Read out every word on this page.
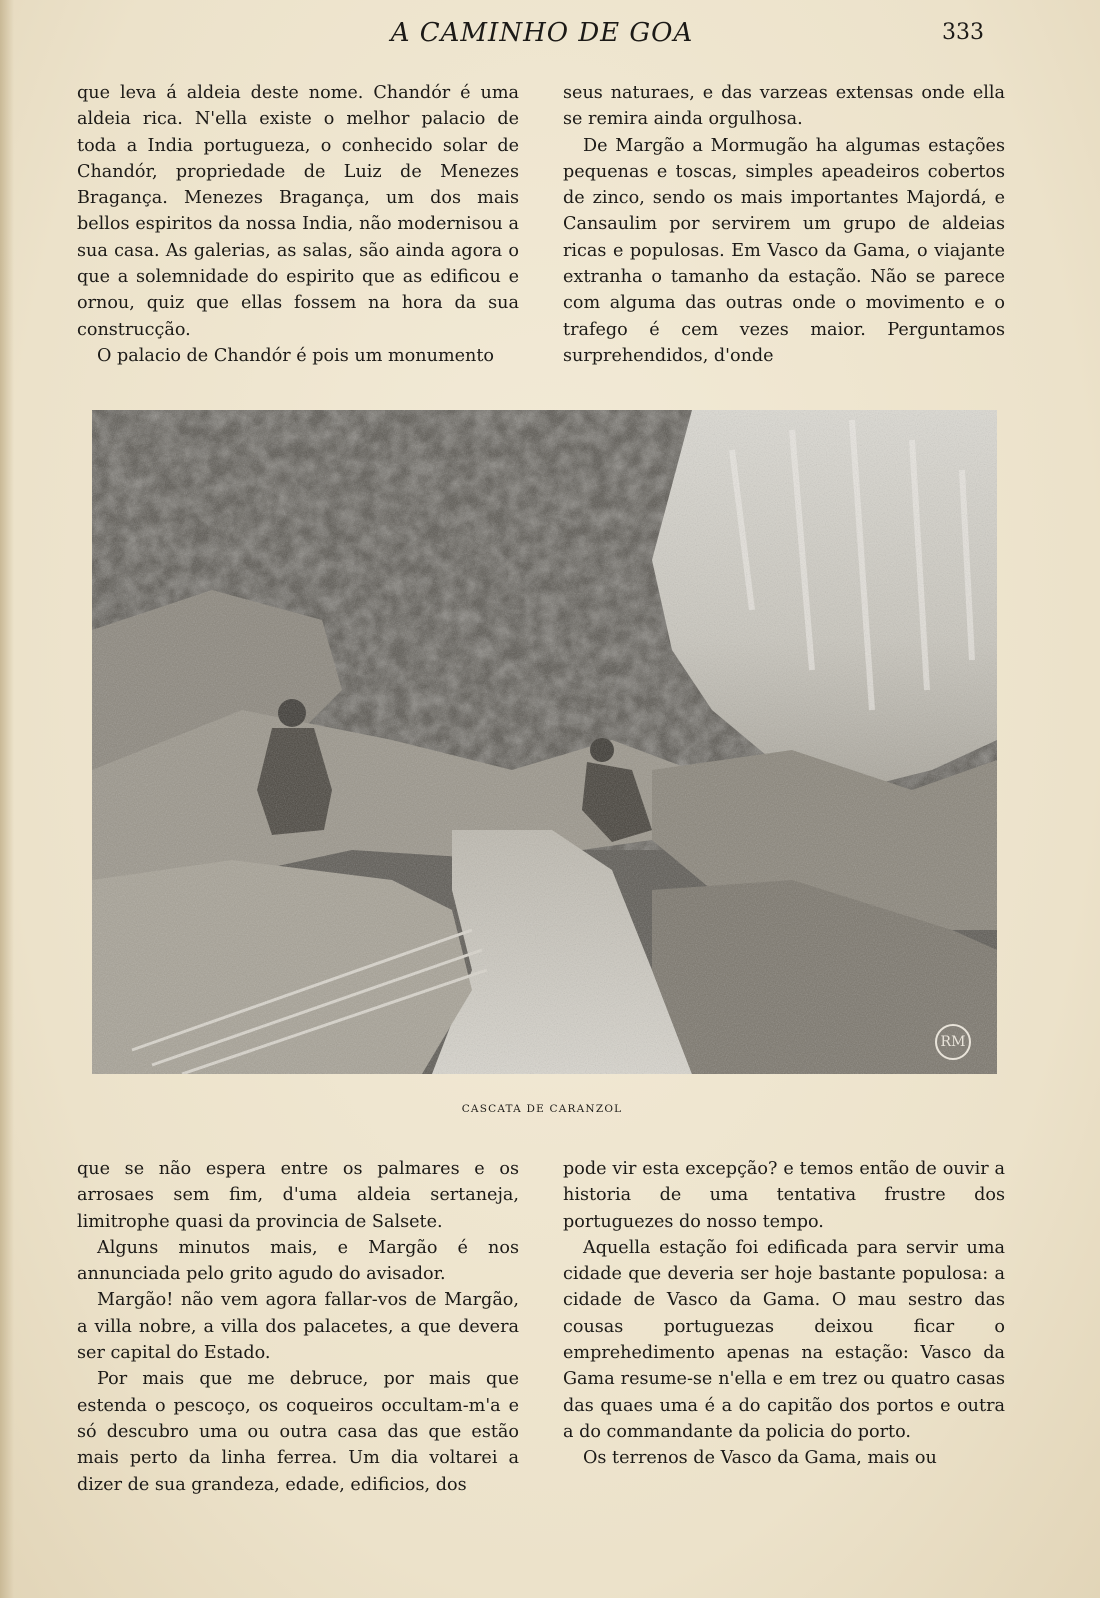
A CAMINHO DE GOA	333

que leva á aldeia deste nome. Chandór é uma aldeia rica. N'ella existe o melhor palacio de toda a India portugueza, o conhecido solar de Chandór, propriedade de Luiz de Menezes Bragança. Menezes Bragança, um dos mais bellos espiritos da nossa India, não modernisou a sua casa. As galerias, as salas, são ainda agora o que a solemnidade do espirito que as edificou e ornou, quiz que ellas fossem na hora da sua construcção.

O palacio de Chandór é pois um monumento

seus naturaes, e das varzeas extensas onde ella se remira ainda orgulhosa.

De Margão a Mormugão ha algumas estações pequenas e toscas, simples apeadeiros cobertos de zinco, sendo os mais importantes Majordá, e Cansaulim por servirem um grupo de aldeias ricas e populosas. Em Vasco da Gama, o viajante extranha o tamanho da estação. Não se parece com alguma das outras onde o movimento e o trafego é cem vezes maior. Perguntamos surprehendidos, d'onde

RM
CASCATA DE CARANZOL

que se não espera entre os palmares e os arrosaes sem fim, d'uma aldeia sertaneja, limitrophe quasi da provincia de Salsete.

Alguns minutos mais, e Margão é nos annunciada pelo grito agudo do avisador.

Margão! não vem agora fallar-vos de Margão, a villa nobre, a villa dos palacetes, a que devera ser capital do Estado.

Por mais que me debruce, por mais que estenda o pescoço, os coqueiros occultam-m'a e só descubro uma ou outra casa das que estão mais perto da linha ferrea. Um dia voltarei a dizer de sua grandeza, edade, edificios, dos

pode vir esta excepção? e temos então de ouvir a historia de uma tentativa frustre dos portuguezes do nosso tempo.

Aquella estação foi edificada para servir uma cidade que deveria ser hoje bastante populosa: a cidade de Vasco da Gama. O mau sestro das cousas portuguezas deixou ficar o emprehedimento apenas na estação: Vasco da Gama resume-se n'ella e em trez ou quatro casas das quaes uma é a do capitão dos portos e outra a do commandante da policia do porto.

Os terrenos de Vasco da Gama, mais ou
